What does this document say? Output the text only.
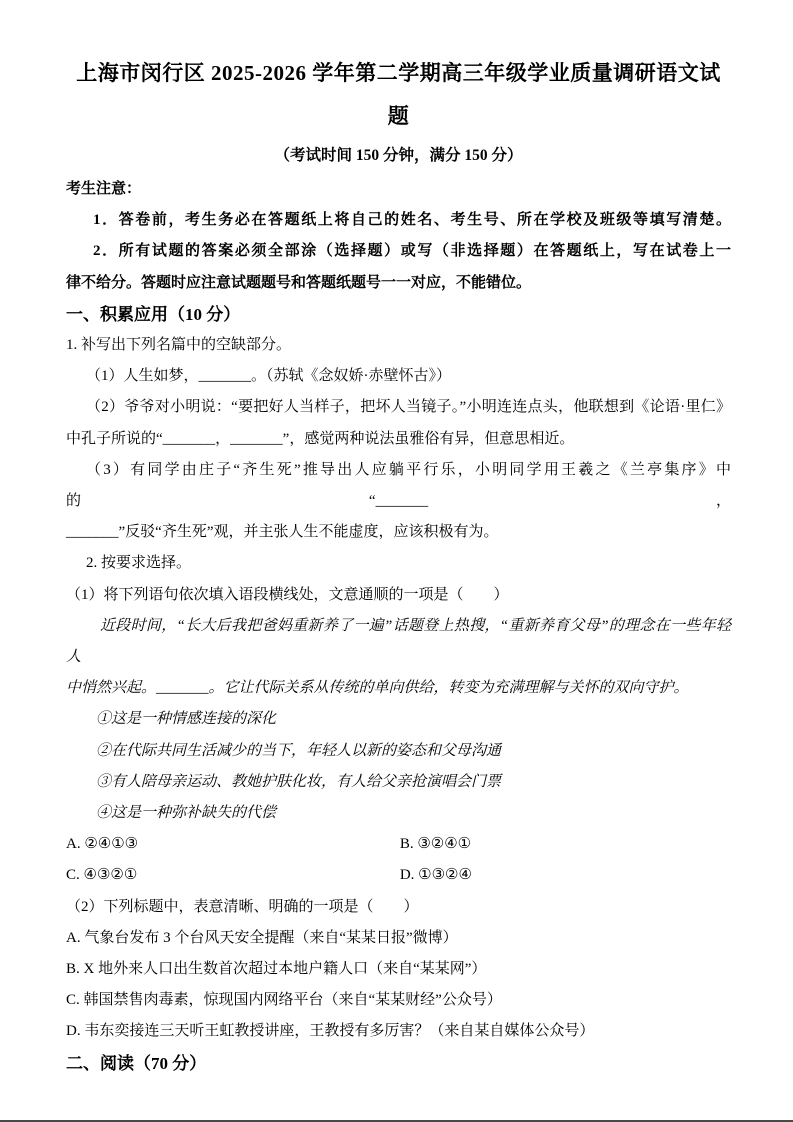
上海市闵行区 2025-2026 学年第二学期高三年级学业质量调研语文试
题
（考试时间 150 分钟，满分 150 分）
考生注意：
1．答卷前，考生务必在答题纸上将自己的姓名、考生号、所在学校及班级等填写清楚。
2．所有试题的答案必须全部涂（选择题）或写（非选择题）在答题纸上，写在试卷上一
律不给分。答题时应注意试题题号和答题纸题号一一对应，不能错位。
一、积累应用（10 分）
1. 补写出下列名篇中的空缺部分。
（1）人生如梦，_______。（苏轼《念奴娇·赤壁怀古》）
（2）爷爷对小明说：“要把好人当样子，把坏人当镜子。”小明连连点头，他联想到《论语·里仁》
中孔子所说的“_______，_______”，感觉两种说法虽雅俗有异，但意思相近。
（3）有同学由庄子“齐生死”推导出人应躺平行乐，小明同学用王羲之《兰亭集序》中的“_______，
_______”反驳“齐生死”观，并主张人生不能虚度，应该积极有为。
2. 按要求选择。
（1）将下列语句依次填入语段横线处，文意通顺的一项是（　　）
近段时间，“长大后我把爸妈重新养了一遍”话题登上热搜，“重新养育父母”的理念在一些年轻人
中悄然兴起。_______。它让代际关系从传统的单向供给，转变为充满理解与关怀的双向守护。
①这是一种情感连接的深化
②在代际共同生活减少的当下，年轻人以新的姿态和父母沟通
③有人陪母亲运动、教她护肤化妆，有人给父亲抢演唱会门票
④这是一种弥补缺失的代偿
A. ②④①③	B. ③②④①
C. ④③②①	D. ①③②④
（2）下列标题中，表意清晰、明确的一项是（　　）
A. 气象台发布 3 个台风天安全提醒（来自“某某日报”微博）
B. X 地外来人口出生数首次超过本地户籍人口（来自“某某网”）
C. 韩国禁售肉毒素，惊现国内网络平台（来自“某某财经”公众号）
D. 韦东奕接连三天听王虹教授讲座，王教授有多厉害？（来自某自媒体公众号）
二、阅读（70 分）
